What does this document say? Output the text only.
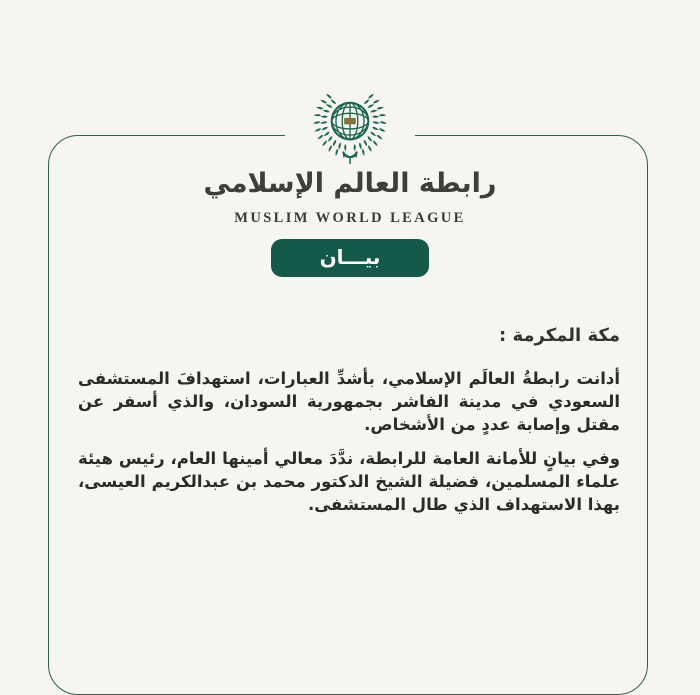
رابطة العالم الإسلامي
MUSLIM WORLD LEAGUE
بيـــان

مكة المكرمة :

أدانت رابطةُ العالَم الإسلامي، بأشدِّ العبارات، استهدافَ المستشفى السعودي في مدينة الفاشر بجمهورية السودان، والذي أسفر عن مقتل وإصابة عددٍ من الأشخاص.

وفي بيانٍ للأمانة العامة للرابطة، ندَّدَ معالي أمينها العام، رئيس هيئة علماء المسلمين، فضيلة الشيخ الدكتور محمد بن عبدالكريم العيسى، بهذا الاستهداف الذي طال المستشفى.
